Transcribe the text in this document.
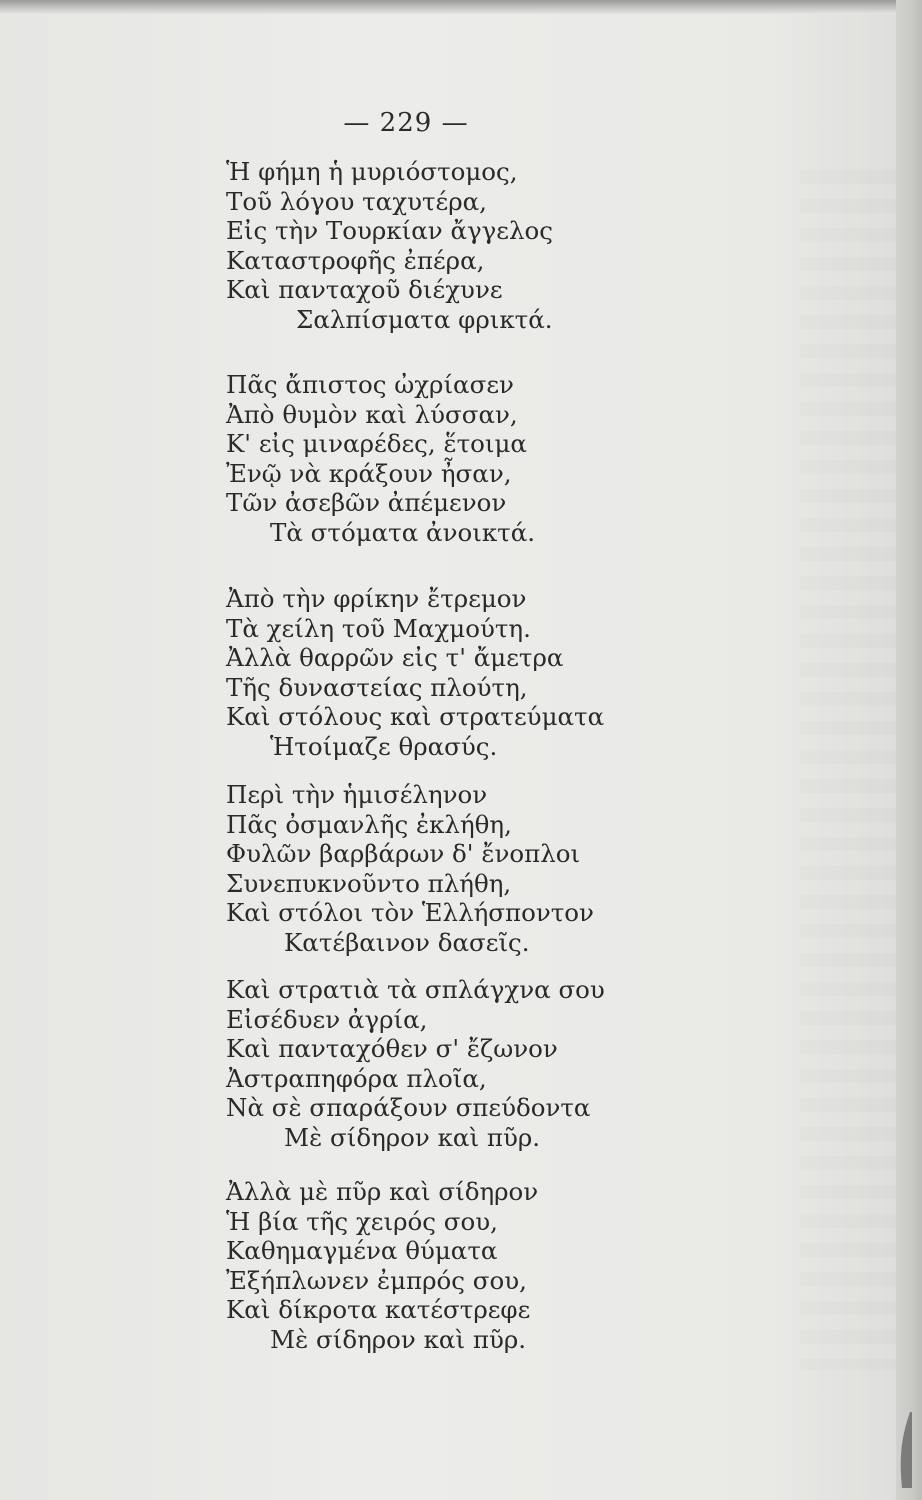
— 229 —
Ἡ φήμη ἡ μυριόστομος,
Τοῦ λόγου ταχυτέρα,
Εἰς τὴν Τουρκίαν ἄγγελος
Καταστροφῆς ἐπέρα,
Καὶ πανταχοῦ διέχυνε
Σαλπίσματα φρικτά.
Πᾶς ἄπιστος ὠχρίασεν
Ἀπὸ θυμὸν καὶ λύσσαν,
Κ' εἰς μιναρέδες, ἕτοιμα
Ἐνῷ νὰ κράξουν ἦσαν,
Τῶν ἀσεβῶν ἀπέμενον
Τὰ στόματα ἀνοικτά.
Ἀπὸ τὴν φρίκην ἔτρεμον
Τὰ χείλη τοῦ Μαχμούτη.
Ἀλλὰ θαρρῶν εἰς τ' ἄμετρα
Τῆς δυναστείας πλούτη,
Καὶ στόλους καὶ στρατεύματα
Ἡτοίμαζε θρασύς.
Περὶ τὴν ἡμισέληνον
Πᾶς ὀσμανλῆς ἐκλήθη,
Φυλῶν βαρβάρων δ' ἔνοπλοι
Συνεπυκνοῦντο πλήθη,
Καὶ στόλοι τὸν Ἑλλήσποντον
Κατέβαινον δασεῖς.
Καὶ στρατιὰ τὰ σπλάγχνα σου
Εἰσέδυεν ἀγρία,
Καὶ πανταχόθεν σ' ἔζωνον
Ἀστραπηφόρα πλοῖα,
Νὰ σὲ σπαράξουν σπεύδοντα
Μὲ σίδηρον καὶ πῦρ.
Ἀλλὰ μὲ πῦρ καὶ σίδηρον
Ἡ βία τῆς χειρός σου,
Καθημαγμένα θύματα
Ἐξήπλωνεν ἐμπρός σου,
Καὶ δίκροτα κατέστρεφε
Μὲ σίδηρον καὶ πῦρ.
